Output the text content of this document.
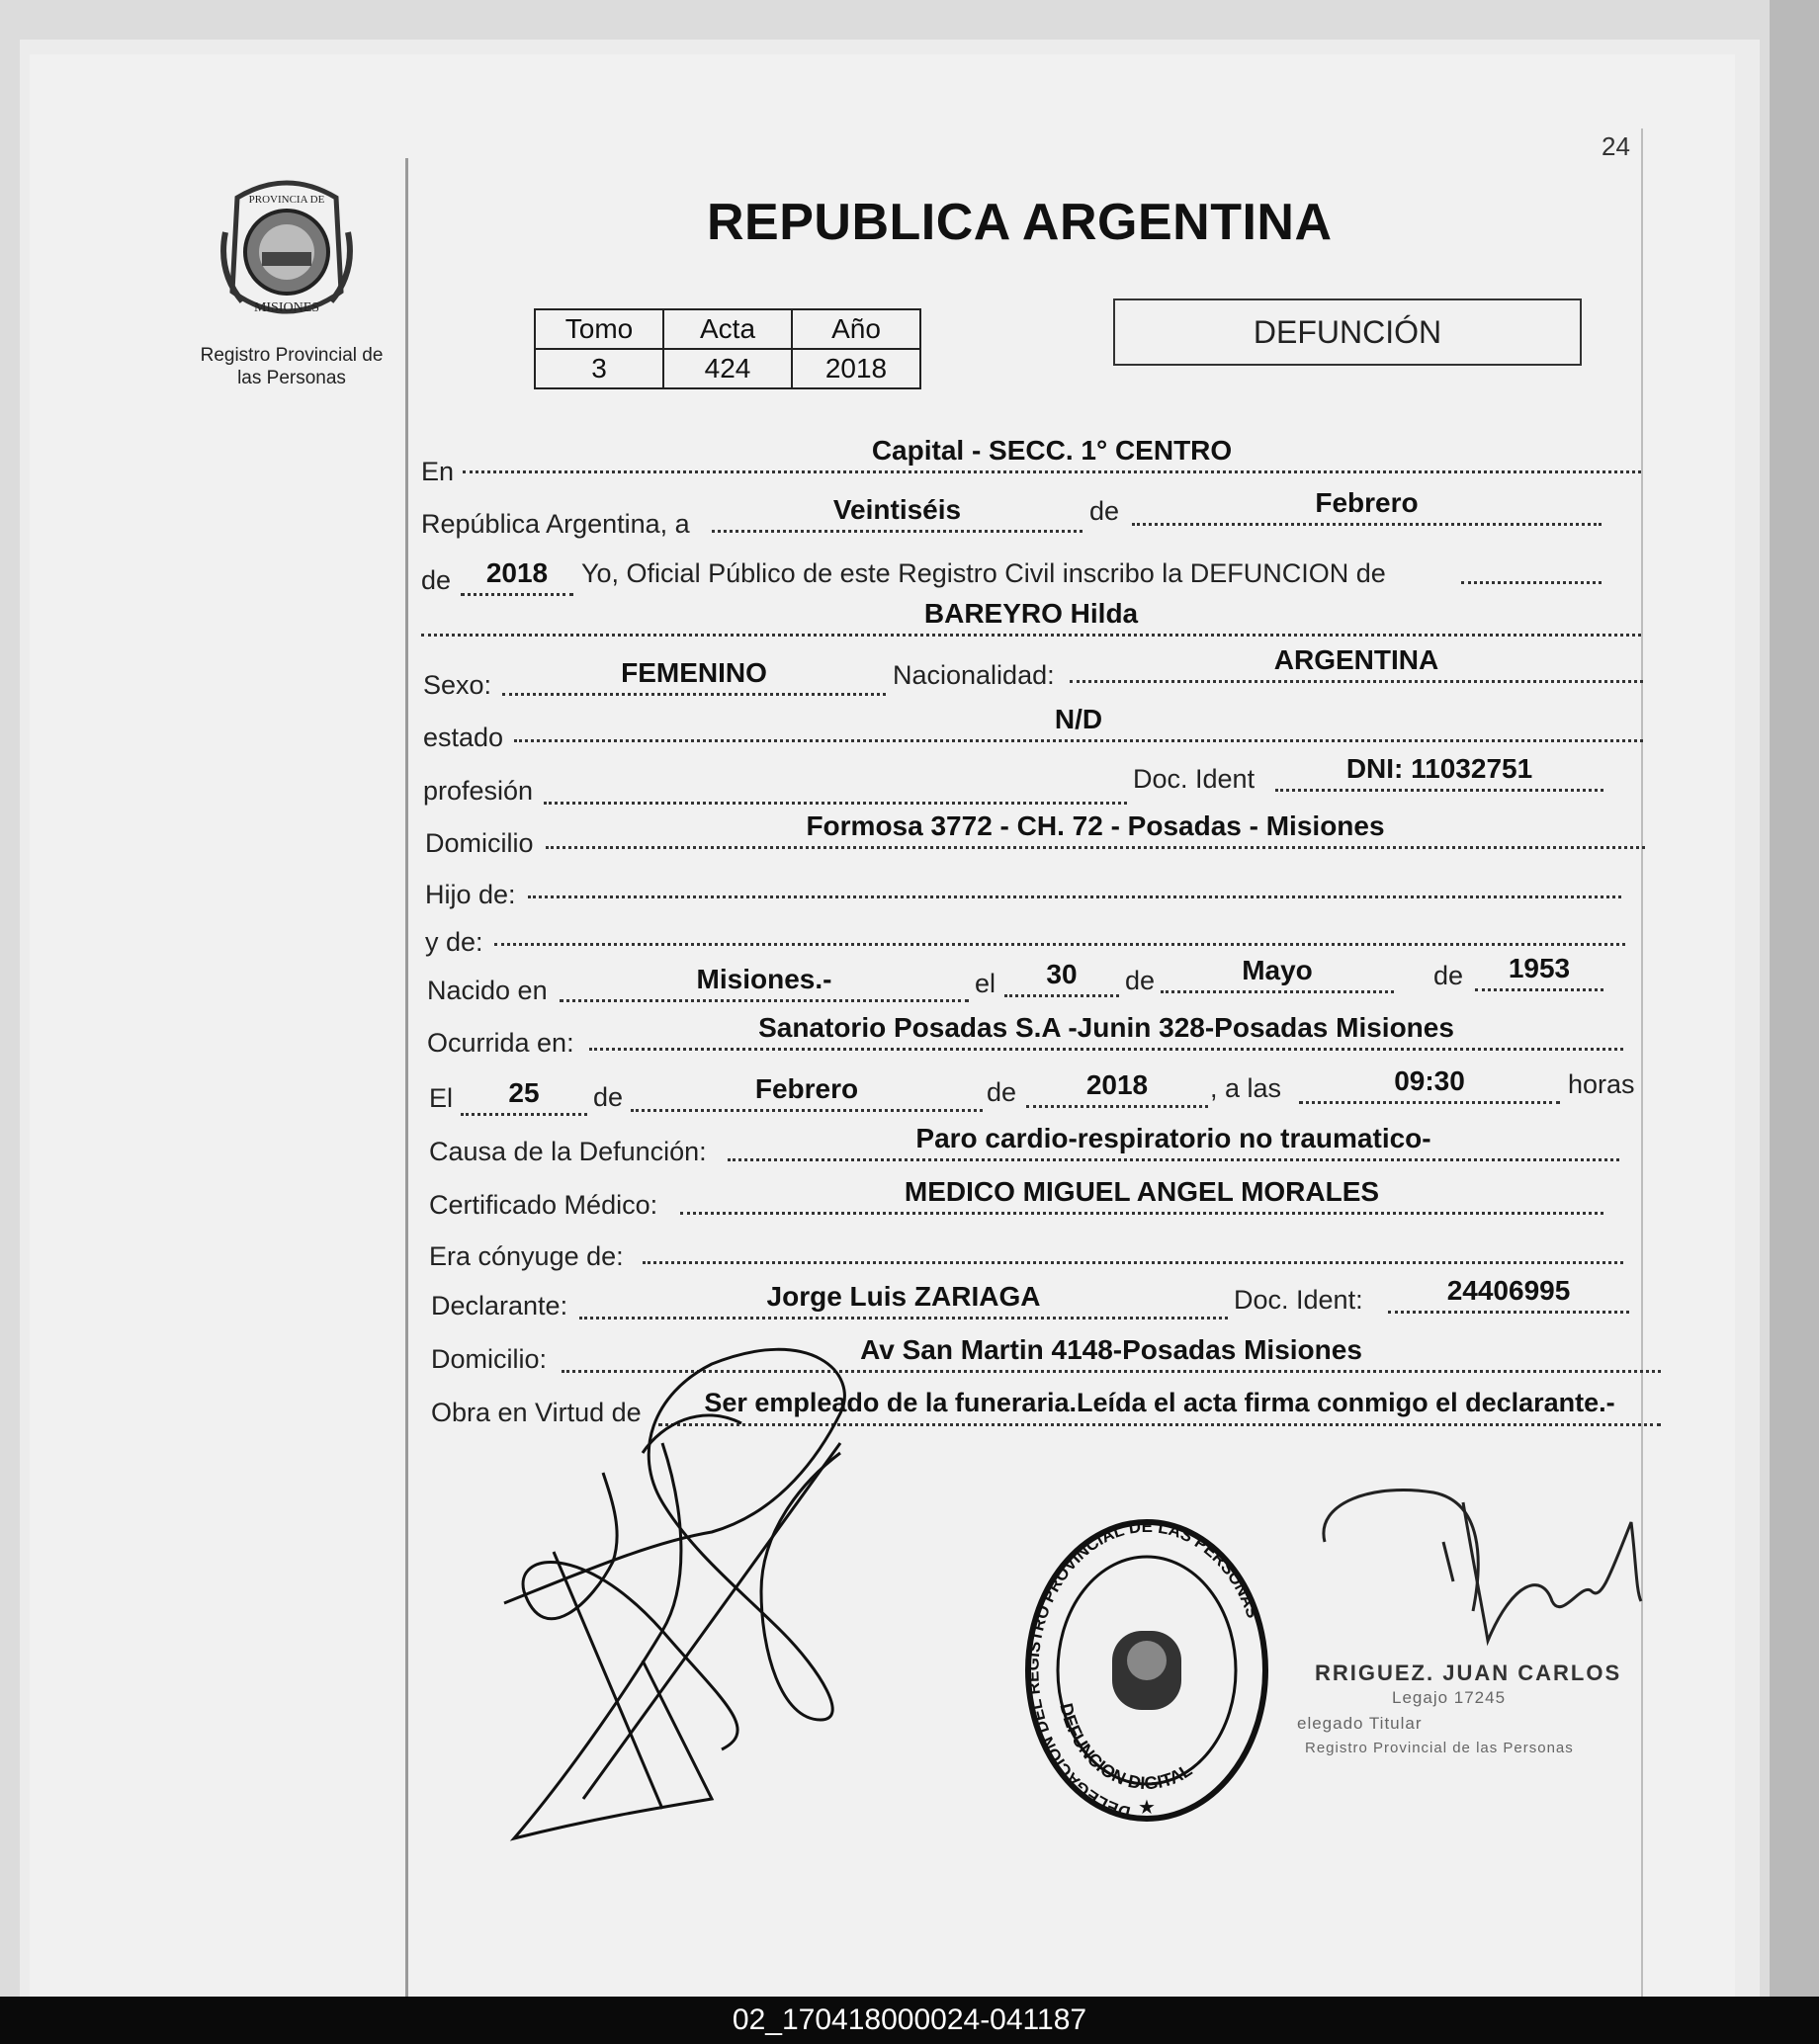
24
PROVINCIA DE
MISIONES
Registro Provincial de
las Personas
REPUBLICA ARGENTINA
Tomo	Acta	Año
3	424	2018
DEFUNCIÓN
En
Capital - SECC. 1° CENTRO
República Argentina, a	Veintiséis	de	Febrero
de	2018	Yo, Oficial Público de este Registro Civil inscribo la DEFUNCION de
BAREYRO Hilda
Sexo:	FEMENINO	Nacionalidad:	ARGENTINA
estado
N/D
profesión	Doc. Ident	DNI: 11032751
Domicilio
Formosa 3772 - CH. 72 - Posadas - Misiones
Hijo de:
y de:
Nacido en	Misiones.-	el	30	de	Mayo	de	1953
Ocurrida en:	Sanatorio Posadas S.A -Junin 328-Posadas Misiones
El	25	de	Febrero	de	2018	, a las	09:30	horas
Causa de la Defunción:	Paro cardio-respiratorio no traumatico-
Certificado Médico:	MEDICO MIGUEL ANGEL MORALES
Era cónyuge de:
Declarante:	Jorge Luis ZARIAGA	Doc. Ident:	24406995
Domicilio:	Av San Martin 4148-Posadas Misiones
Obra en Virtud de	Ser empleado de la funeraria.Leída el acta firma conmigo el declarante.-
DELEGACION DEL REGISTRO PROVINCIAL DE LAS PERSONAS
DEFUNCION DIGITAL
★
RRIGUEZ. JUAN CARLOS
Legajo 17245
elegado Titular
Registro Provincial de las Personas
02_170418000024-041187
